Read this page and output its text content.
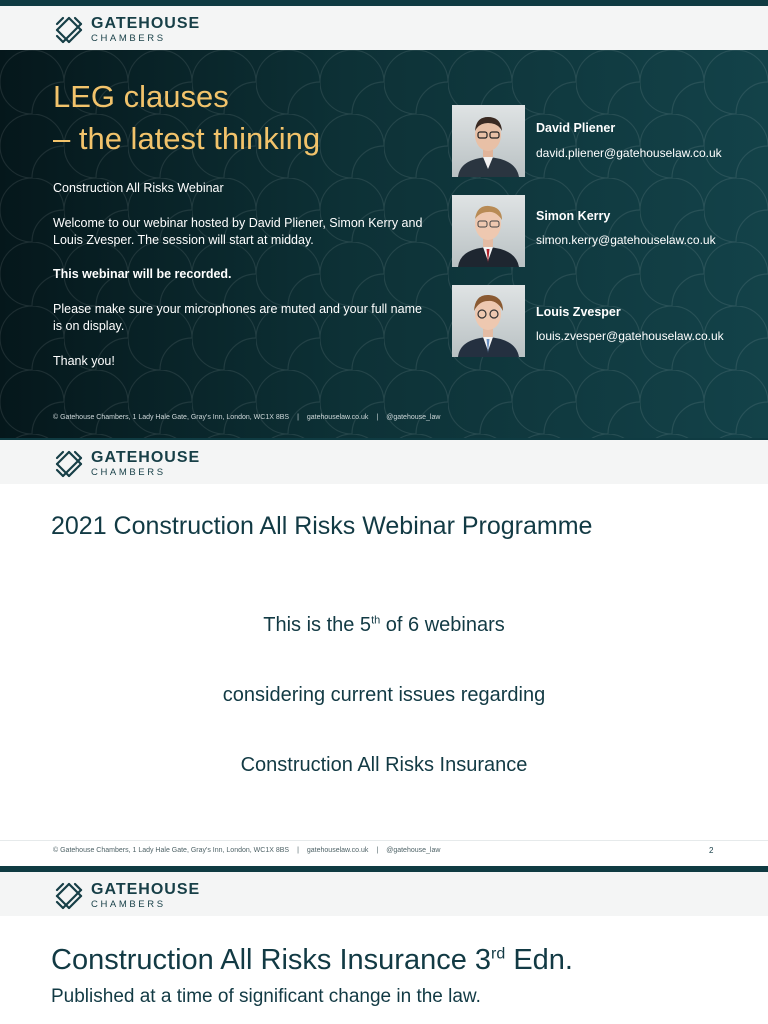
GATEHOUSE
CHAMBERS
LEG clauses
– the latest thinking
Construction All Risks Webinar
Welcome to our webinar hosted by David Pliener, Simon Kerry and Louis Zvesper. The session will start at midday.
This webinar will be recorded.
Please make sure your microphones are muted and your full name is on display.
Thank you!
David Pliener
david.pliener@gatehouselaw.co.uk
Simon Kerry
simon.kerry@gatehouselaw.co.uk
Louis Zvesper
louis.zvesper@gatehouselaw.co.uk
© Gatehouse Chambers, 1 Lady Hale Gate, Gray's Inn, London, WC1X 8BS | gatehouselaw.co.uk | @gatehouse_law
GATEHOUSE
CHAMBERS
2021 Construction All Risks Webinar Programme
This is the 5th of 6 webinars
considering current issues regarding
Construction All Risks Insurance
© Gatehouse Chambers, 1 Lady Hale Gate, Gray's Inn, London, WC1X 8BS | gatehouselaw.co.uk | @gatehouse_law	2
GATEHOUSE
CHAMBERS
Construction All Risks Insurance 3rd Edn.
Published at a time of significant change in the law.
